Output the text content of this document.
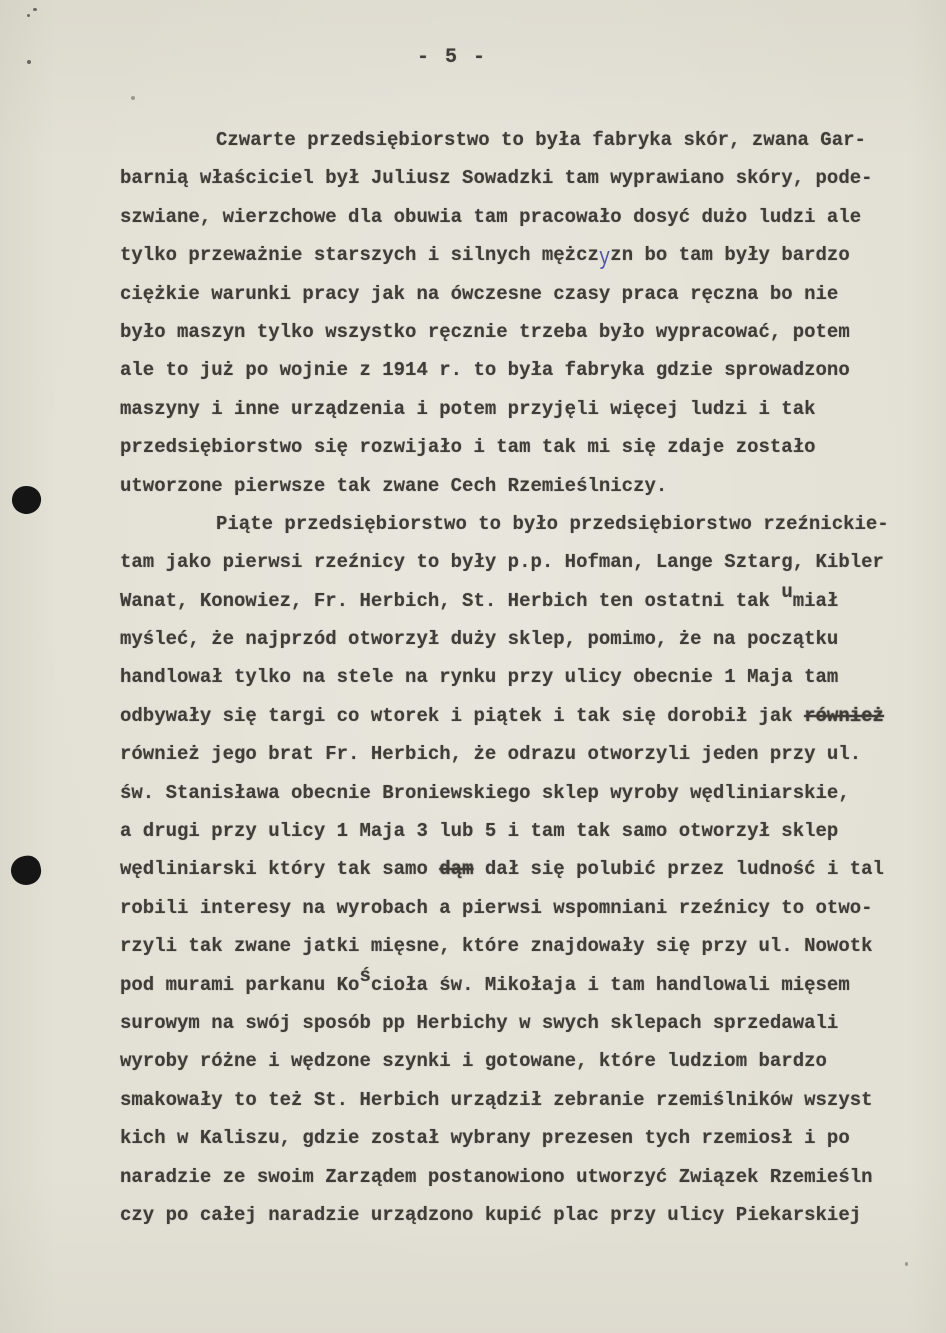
- 5 -
Czwarte przedsiębiorstwo to była fabryka skór, zwana Gar-
barnią właściciel był Juliusz Sowadzki tam wyprawiano skóry, pode-
szwiane, wierzchowe dla obuwia tam pracowało dosyć dużo ludzi ale
tylko przeważnie starszych i silnych mężczyzn bo tam były bardzo
ciężkie warunki pracy jak na ówczesne czasy praca ręczna bo nie
było maszyn tylko wszystko ręcznie trzeba było wypracować, potem
ale to już po wojnie z 1914 r. to była fabryka gdzie sprowadzono
maszyny i inne urządzenia i potem przyjęli więcej ludzi i tak
przedsiębiorstwo się rozwijało i tam tak mi się zdaje zostało
utworzone pierwsze tak zwane Cech Rzemieślniczy.
Piąte przedsiębiorstwo to było przedsiębiorstwo rzeźnickie-
tam jako pierwsi rzeźnicy to były p.p. Hofman, Lange Sztarg, Kibler
Wanat, Konowiez, Fr. Herbich, St. Herbich ten ostatni tak umiał
myśleć, że najprzód otworzył duży sklep, pomimo, że na początku
handlował tylko na stele na rynku przy ulicy obecnie 1 Maja tam
odbywały się targi co wtorek i piątek i tak się dorobił jak również
również jego brat Fr. Herbich, że odrazu otworzyli jeden przy ul.
św. Stanisława obecnie Broniewskiego sklep wyroby wędliniarskie,
a drugi przy ulicy 1 Maja 3 lub 5 i tam tak samo otworzył sklep
wędliniarski który tak samo dąm dał się polubić przez ludność i tal
robili interesy na wyrobach a pierwsi wspomniani rzeźnicy to otwo-
rzyli tak zwane jatki mięsne, które znajdowały się przy ul. Nowotk
pod murami parkanu Kościoła św. Mikołaja i tam handlowali mięsem
surowym na swój sposób pp Herbichy w swych sklepach sprzedawali
wyroby różne i wędzone szynki i gotowane, które ludziom bardzo
smakowały to też St. Herbich urządził zebranie rzemiślników wszyst
kich w Kaliszu, gdzie został wybrany prezesen tych rzemiosł i po
naradzie ze swoim Zarządem postanowiono utworzyć Związek Rzemieśln
czy po całej naradzie urządzono kupić plac przy ulicy Piekarskiej
